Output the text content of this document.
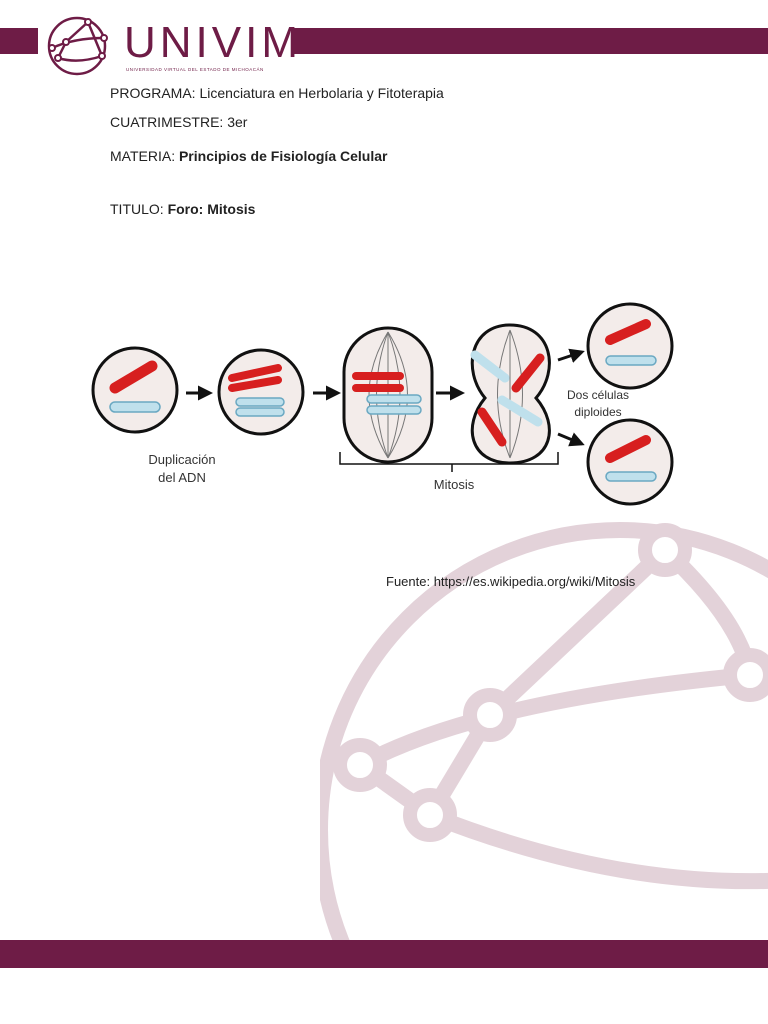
UNIVIM
UNIVERSIDAD VIRTUAL DEL ESTADO DE MICHOACÁN
PROGRAMA: Licenciatura en Herbolaria y Fitoterapia
CUATRIMESTRE: 3er
MATERIA: Principios de Fisiología Celular
TITULO: Foro: Mitosis
Duplicación
del ADN	Mitosis
Dos células
diploides
Fuente: https://es.wikipedia.org/wiki/Mitosis
